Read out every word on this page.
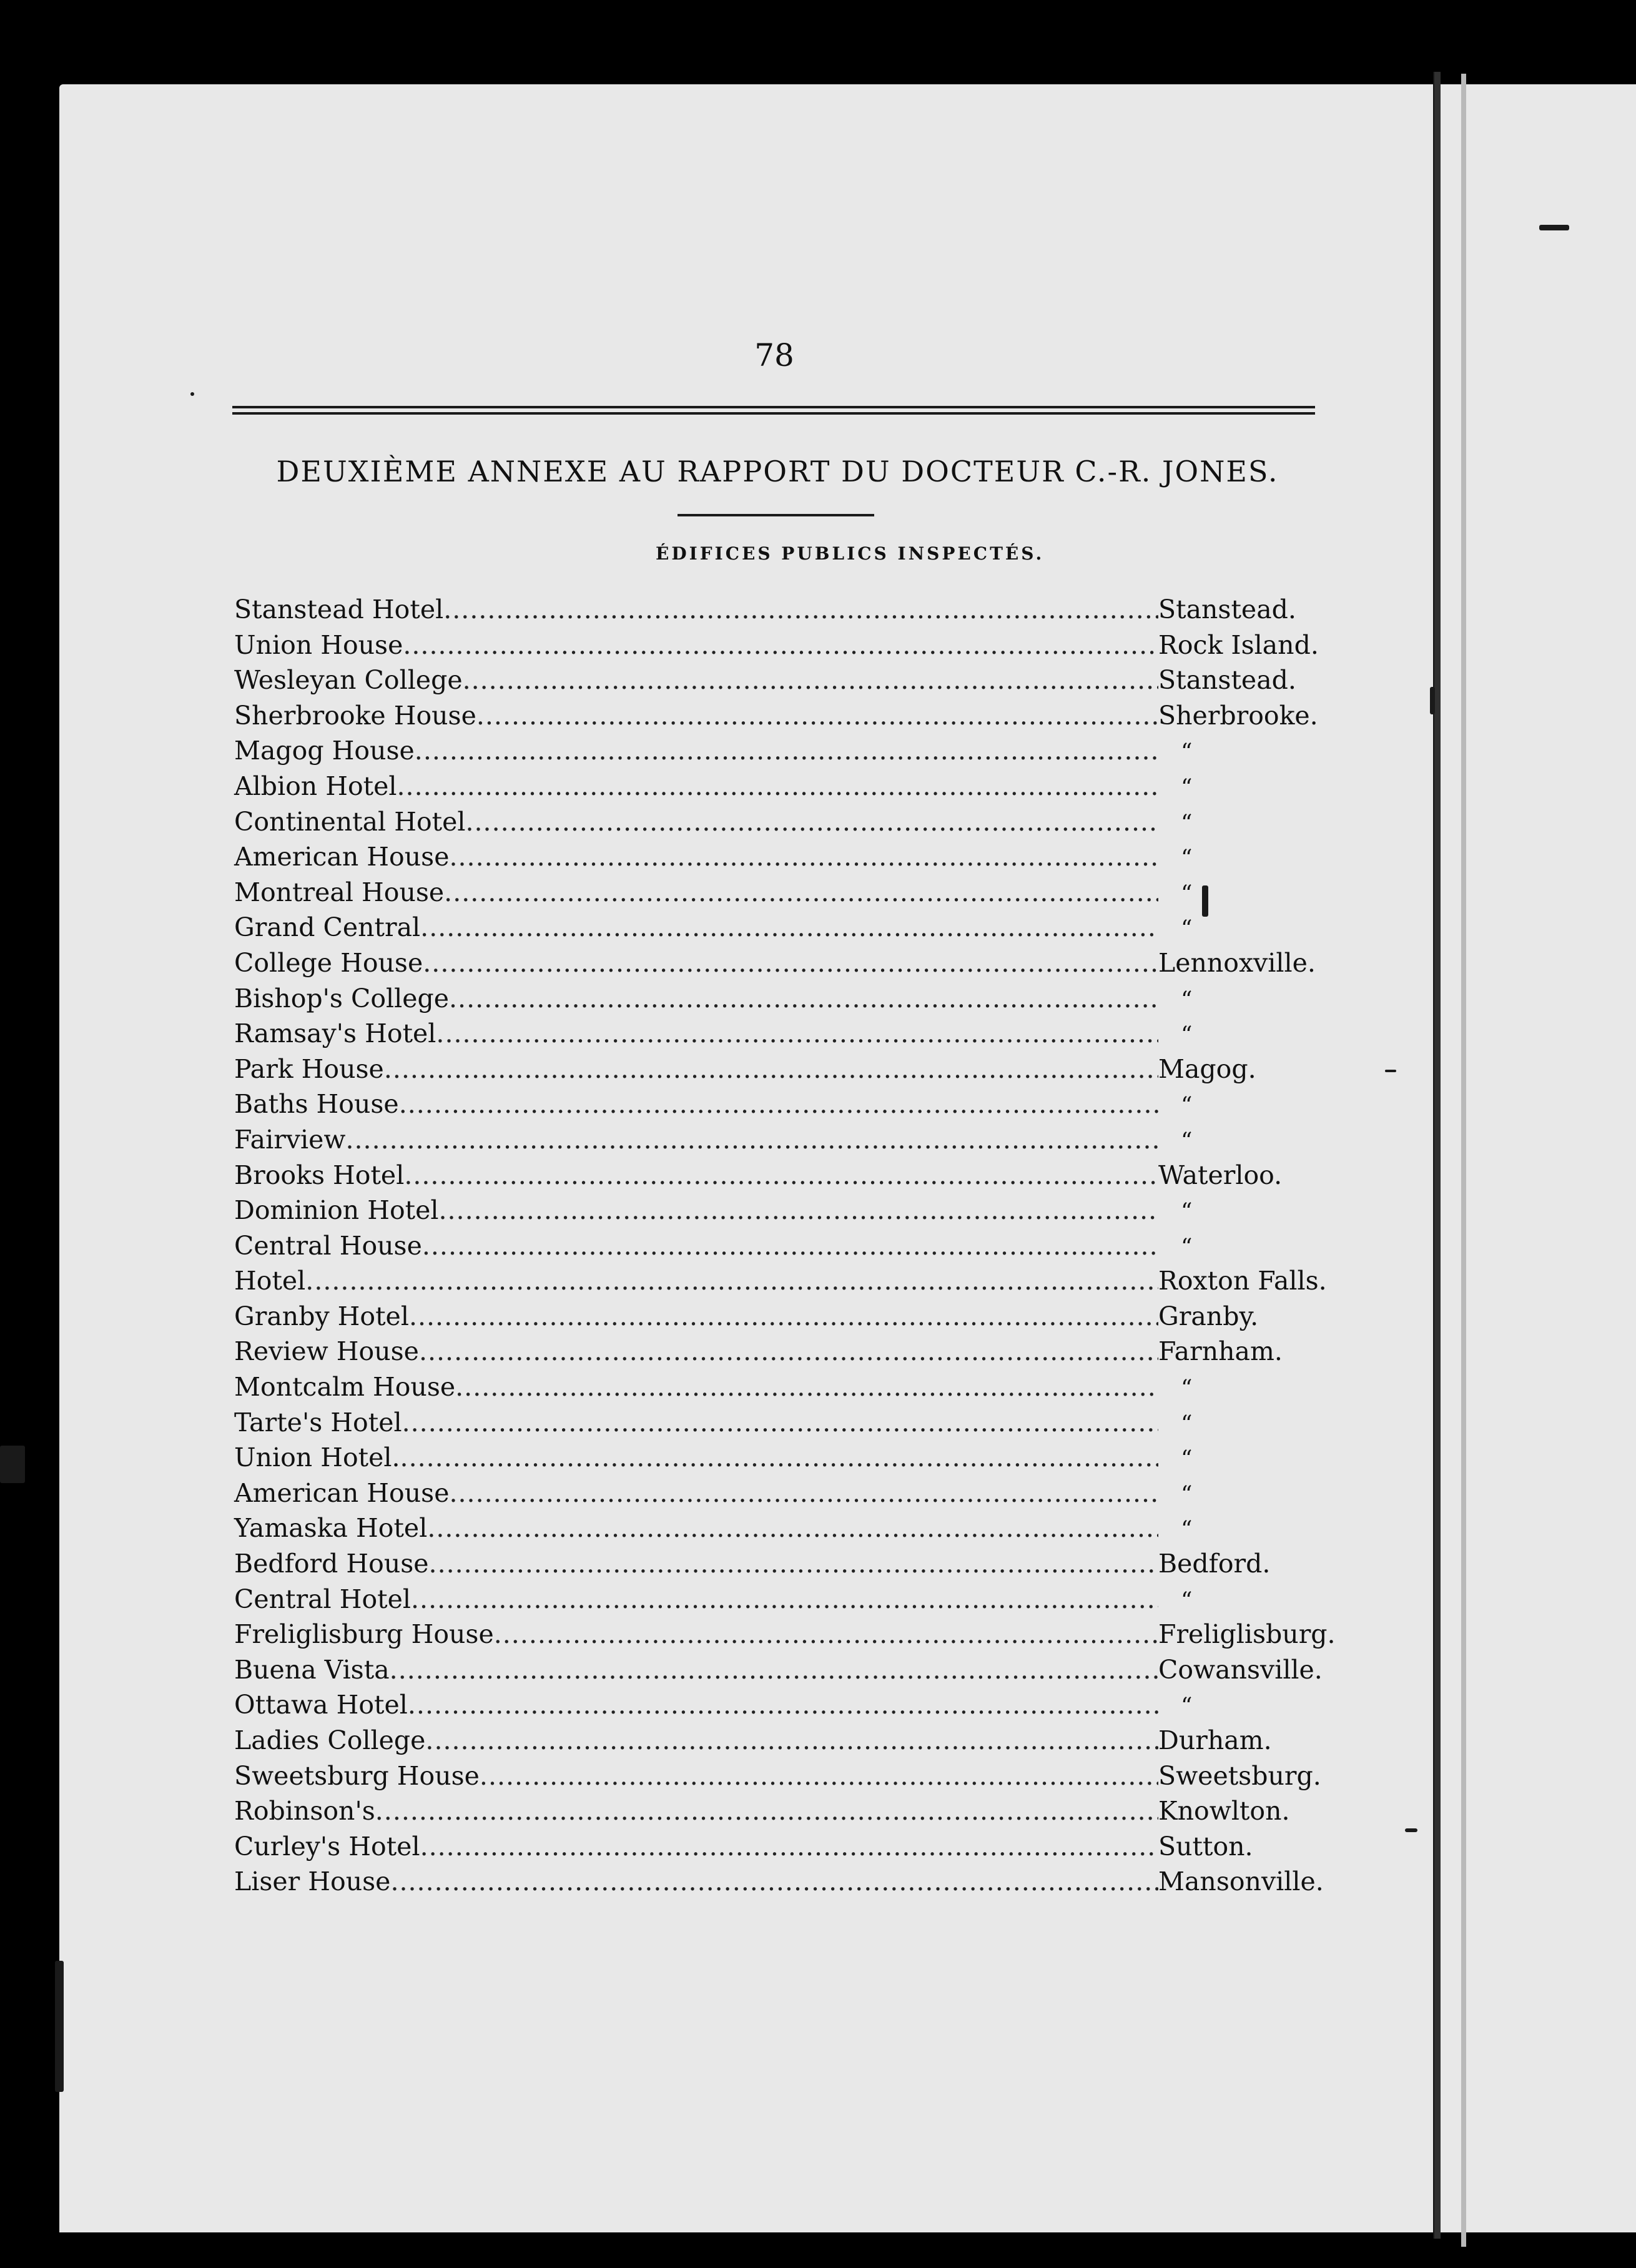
78
DEUXIÈME ANNEXE AU RAPPORT DU DOCTEUR C.-R. JONES.
ÉDIFICES PUBLICS INSPECTÉS.
Stanstead Hotel .....	Stanstead.
Union House .....	Rock Island.
Wesleyan College .....	Stanstead.
Sherbrooke House .....	Sherbrooke.
Magog House .....	“
Albion Hotel .....	“
Continental Hotel .....	“
American House .....	“
Montreal House .....	“
Grand Central .....	“
College House .....	Lennoxville.
Bishop's College .....	“
Ramsay's Hotel .....	“
Park House .....	Magog.
Baths House .....	“
Fairview .....	“
Brooks Hotel .....	Waterloo.
Dominion Hotel .....	“
Central House .....	“
Hotel .....	Roxton Falls.
Granby Hotel .....	Granby.
Review House .....	Farnham.
Montcalm House .....	“
Tarte's Hotel .....	“
Union Hotel. .....	“
American House .....	“
Yamaska Hotel .....	“
Bedford House .....	Bedford.
Central Hotel .....	“
Freliglisburg House .....	Freliglisburg.
Buena Vista .....	Cowansville.
Ottawa Hotel .....	“
Ladies College .....	Durham.
Sweetsburg House .....	Sweetsburg.
Robinson's .....	Knowlton.
Curley's Hotel .....	Sutton.
Liser House .....	Mansonville.
